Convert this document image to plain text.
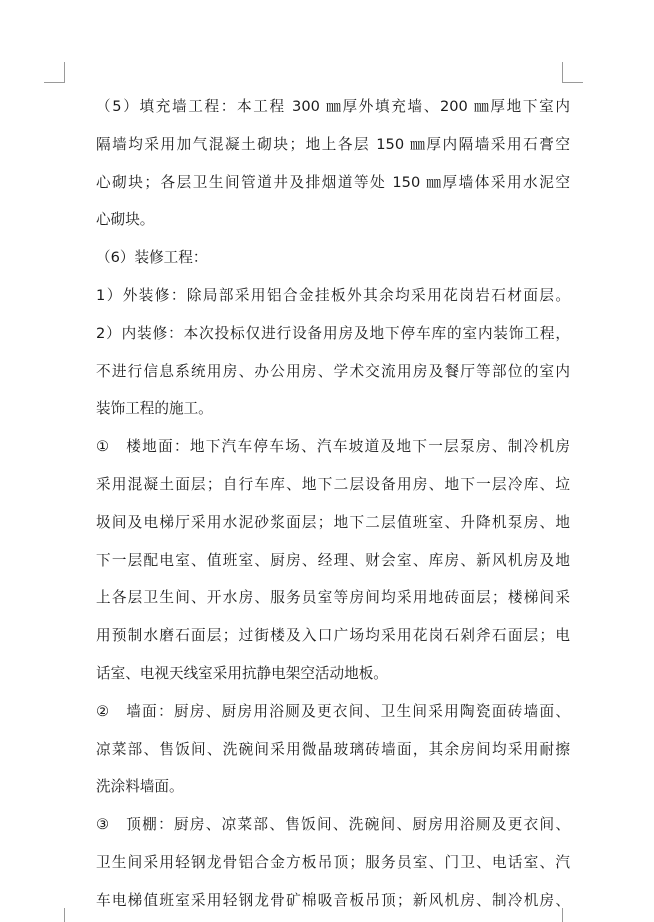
（5）填充墙工程：本工程 300 ㎜厚外填充墙、200 ㎜厚地下室内
隔墙均采用加气混凝土砌块；地上各层 150 ㎜厚内隔墙采用石膏空
心砌块；各层卫生间管道井及排烟道等处 150 ㎜厚墙体采用水泥空
心砌块。
（6）装修工程：
1）外装修：除局部采用铝合金挂板外其余均采用花岗岩石材面层。
2）内装修：本次投标仅进行设备用房及地下停车库的室内装饰工程，
不进行信息系统用房、办公用房、学术交流用房及餐厅等部位的室内
装饰工程的施工。
①　楼地面：地下汽车停车场、汽车坡道及地下一层泵房、制冷机房
采用混凝土面层；自行车库、地下二层设备用房、地下一层冷库、垃
圾间及电梯厅采用水泥砂浆面层；地下二层值班室、升降机泵房、地
下一层配电室、值班室、厨房、经理、财会室、库房、新风机房及地
上各层卫生间、开水房、服务员室等房间均采用地砖面层；楼梯间采
用预制水磨石面层；过街楼及入口广场均采用花岗石剁斧石面层；电
话室、电视天线室采用抗静电架空活动地板。
②　墙面：厨房、厨房用浴厕及更衣间、卫生间采用陶瓷面砖墙面、
凉菜部、售饭间、洗碗间采用微晶玻璃砖墙面，其余房间均采用耐擦
洗涂料墙面。
③　顶棚：厨房、凉菜部、售饭间、洗碗间、厨房用浴厕及更衣间、
卫生间采用轻钢龙骨铝合金方板吊顶；服务员室、门卫、电话室、汽
车电梯值班室采用轻钢龙骨矿棉吸音板吊顶；新风机房、制冷机房、
